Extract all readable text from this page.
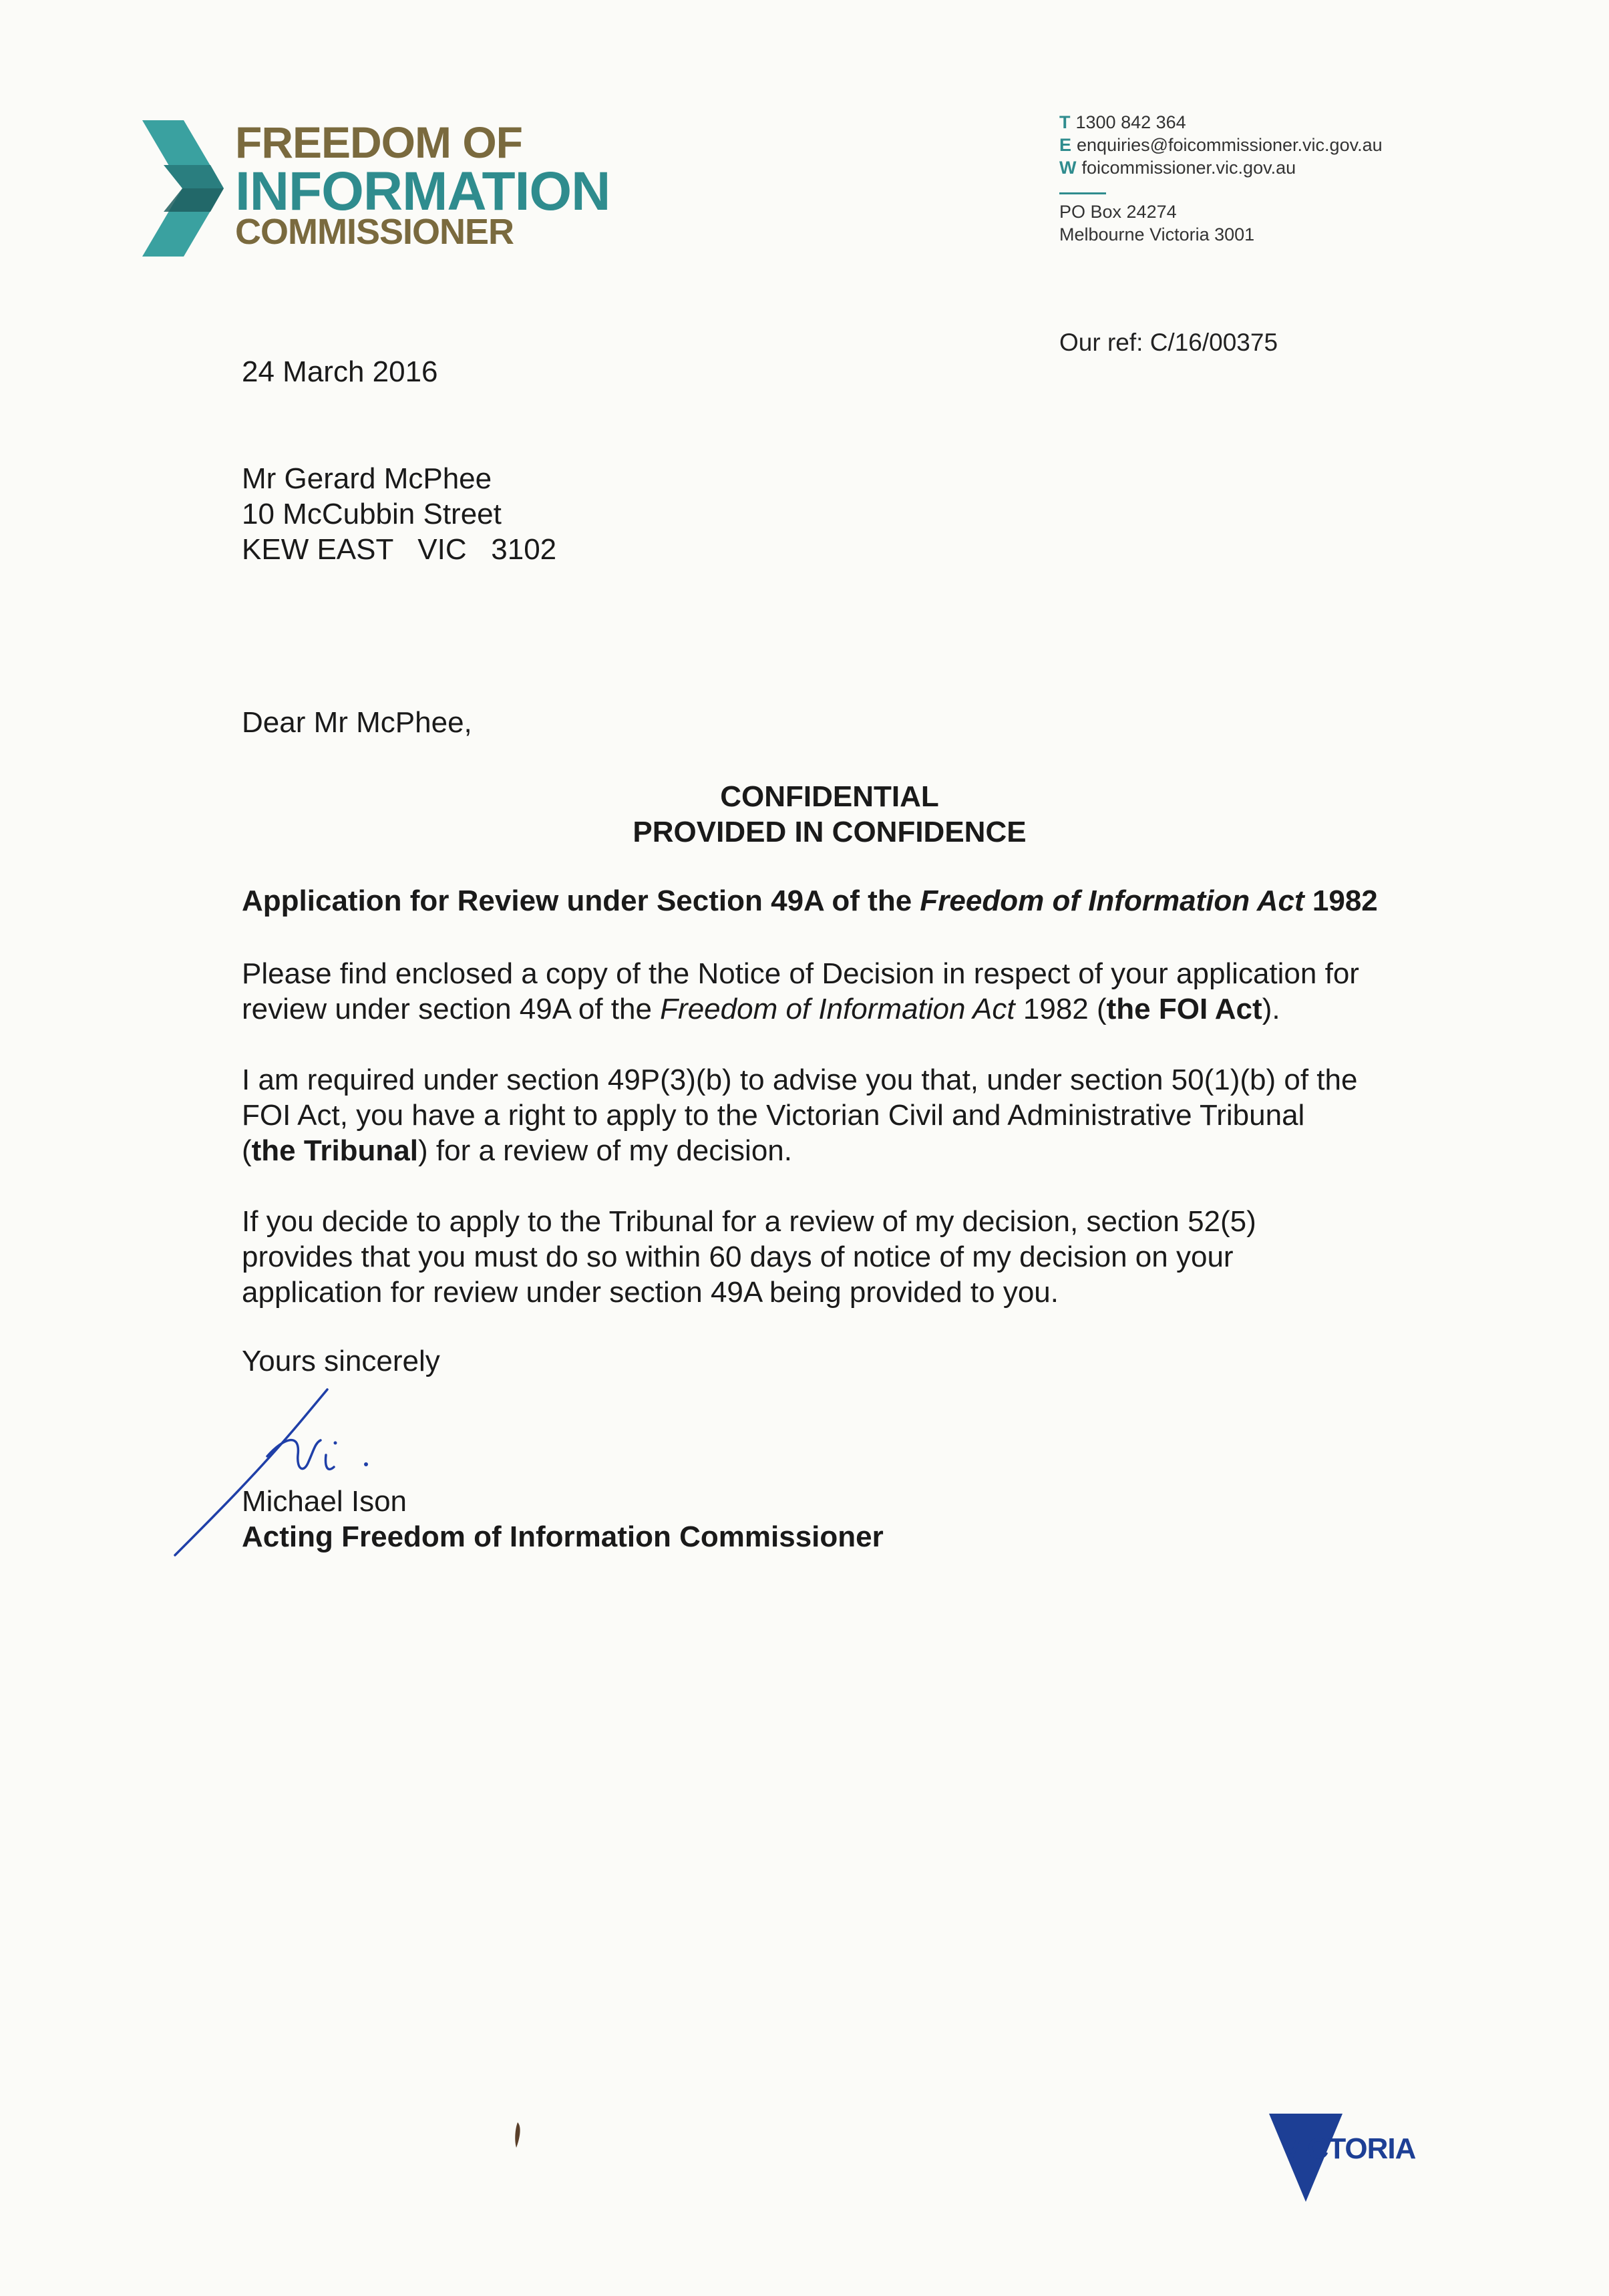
FREEDOM OF
INFORMATION
COMMISSIONER
T 1300 842 364
E enquiries@foicommissioner.vic.gov.au
W foicommissioner.vic.gov.au
PO Box 24274
Melbourne Victoria 3001
Our ref: C/16/00375
24 March 2016
Mr Gerard McPhee
10 McCubbin Street
KEW EAST   VIC   3102
Dear Mr McPhee,
CONFIDENTIAL
PROVIDED IN CONFIDENCE
Application for Review under Section 49A of the Freedom of Information Act 1982
Please find enclosed a copy of the Notice of Decision in respect of your application for
review under section 49A of the Freedom of Information Act 1982 (the FOI Act).
I am required under section 49P(3)(b) to advise you that, under section 50(1)(b) of the
FOI Act, you have a right to apply to the Victorian Civil and Administrative Tribunal
(the Tribunal) for a review of my decision.
If you decide to apply to the Tribunal for a review of my decision, section 52(5)
provides that you must do so within 60 days of notice of my decision on your
application for review under section 49A being provided to you.
Yours sincerely
Michael Ison
Acting Freedom of Information Commissioner
VICTORIA
